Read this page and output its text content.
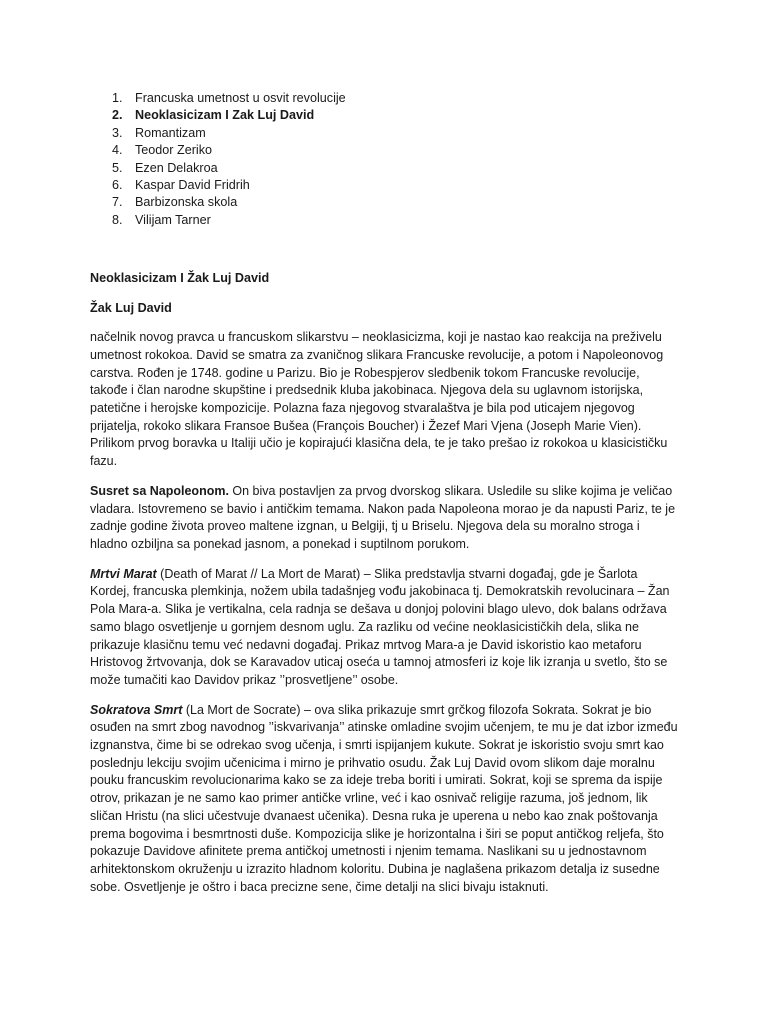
1. Francuska umetnost u osvit revolucije
2. Neoklasicizam I Zak Luj David
3. Romantizam
4. Teodor Zeriko
5. Ezen Delakroa
6. Kaspar David Fridrih
7. Barbizonska skola
8. Vilijam Tarner
Neoklasicizam I Žak Luj David
Žak Luj David

načelnik novog pravca u francuskom slikarstvu – neoklasicizma, koji je nastao kao reakcija na preživelu umetnost rokokoa. David se smatra za zvaničnog slikara Francuske revolucije, a potom i Napoleonovog carstva. Rođen je 1748. godine u Parizu. Bio je Robespjerov sledbenik tokom Francuske revolucije, takođe i član narodne skupštine i predsednik kluba jakobinaca. Njegova dela su uglavnom istorijska, patetične i herojske kompozicije. Polazna faza njegovog stvaralaštva je bila pod uticajem njegovog prijatelja, rokoko slikara Fransoe Bušea (François Boucher) i Žezef Mari Vjena (Joseph Marie Vien). Prilikom prvog boravka u Italiji učio je kopirajući klasična dela, te je tako prešao iz rokokoa u klasicističku fazu.

Susret sa Napoleonom. On biva postavljen za prvog dvorskog slikara. Usledile su slike kojima je veličao vladara. Istovremeno se bavio i antičkim temama. Nakon pada Napoleona morao je da napusti Pariz, te je zadnje godine života proveo maltene izgnan, u Belgiji, tj u Briselu. Njegova dela su moralno stroga i hladno ozbiljna sa ponekad jasnom, a ponekad i suptilnom porukom.

Mrtvi Marat (Death of Marat // La Mort de Marat) – Slika predstavlja stvarni događaj, gde je Šarlota Kordej, francuska plemkinja, nožem ubila tadašnjeg vođu jakobinaca tj. Demokratskih revolucinara – Žan Pola Mara-a. Slika je vertikalna, cela radnja se dešava u donjoj polovini blago ulevo, dok balans održava samo blago osvetljenje u gornjem desnom uglu. Za razliku od većine neoklasicističkih dela, slika ne prikazuje klasičnu temu već nedavni događaj. Prikaz mrtvog Mara-a je David iskoristio kao metaforu Hristovog žrtvovanja, dok se Karavadov uticaj oseća u tamnoj atmosferi iz koje lik izranja u svetlo, što se može tumačiti kao Davidov prikaz ’’prosvetljene’’ osobe.

Sokratova Smrt (La Mort de Socrate) – ova slika prikazuje smrt grčkog filozofa Sokrata. Sokrat je bio osuđen na smrt zbog navodnog ’’iskvarivanja’’ atinske omladine svojim učenjem, te mu je dat izbor između izgnanstva, čime bi se odrekao svog učenja, i smrti ispijanjem kukute. Sokrat je iskoristio svoju smrt kao poslednju lekciju svojim učenicima i mirno je prihvatio osudu. Žak Luj David ovom slikom daje moralnu pouku francuskim revolucionarima kako se za ideje treba boriti i umirati. Sokrat, koji se sprema da ispije otrov, prikazan je ne samo kao primer antičke vrline, već i kao osnivač religije razuma, još jednom, lik sličan Hristu (na slici učestvuje dvanaest učenika). Desna ruka je uperena u nebo kao znak poštovanja prema bogovima i besmrtnosti duše. Kompozicija slike je horizontalna i širi se poput antičkog reljefa, što pokazuje Davidove afinitete prema antičkoj umetnosti i njenim temama. Naslikani su u jednostavnom arhitektonskom okruženju u izrazito hladnom koloritu. Dubina je naglašena prikazom detalja iz susedne sobe. Osvetljenje je oštro i baca precizne sene, čime detalji na slici bivaju istaknuti.
